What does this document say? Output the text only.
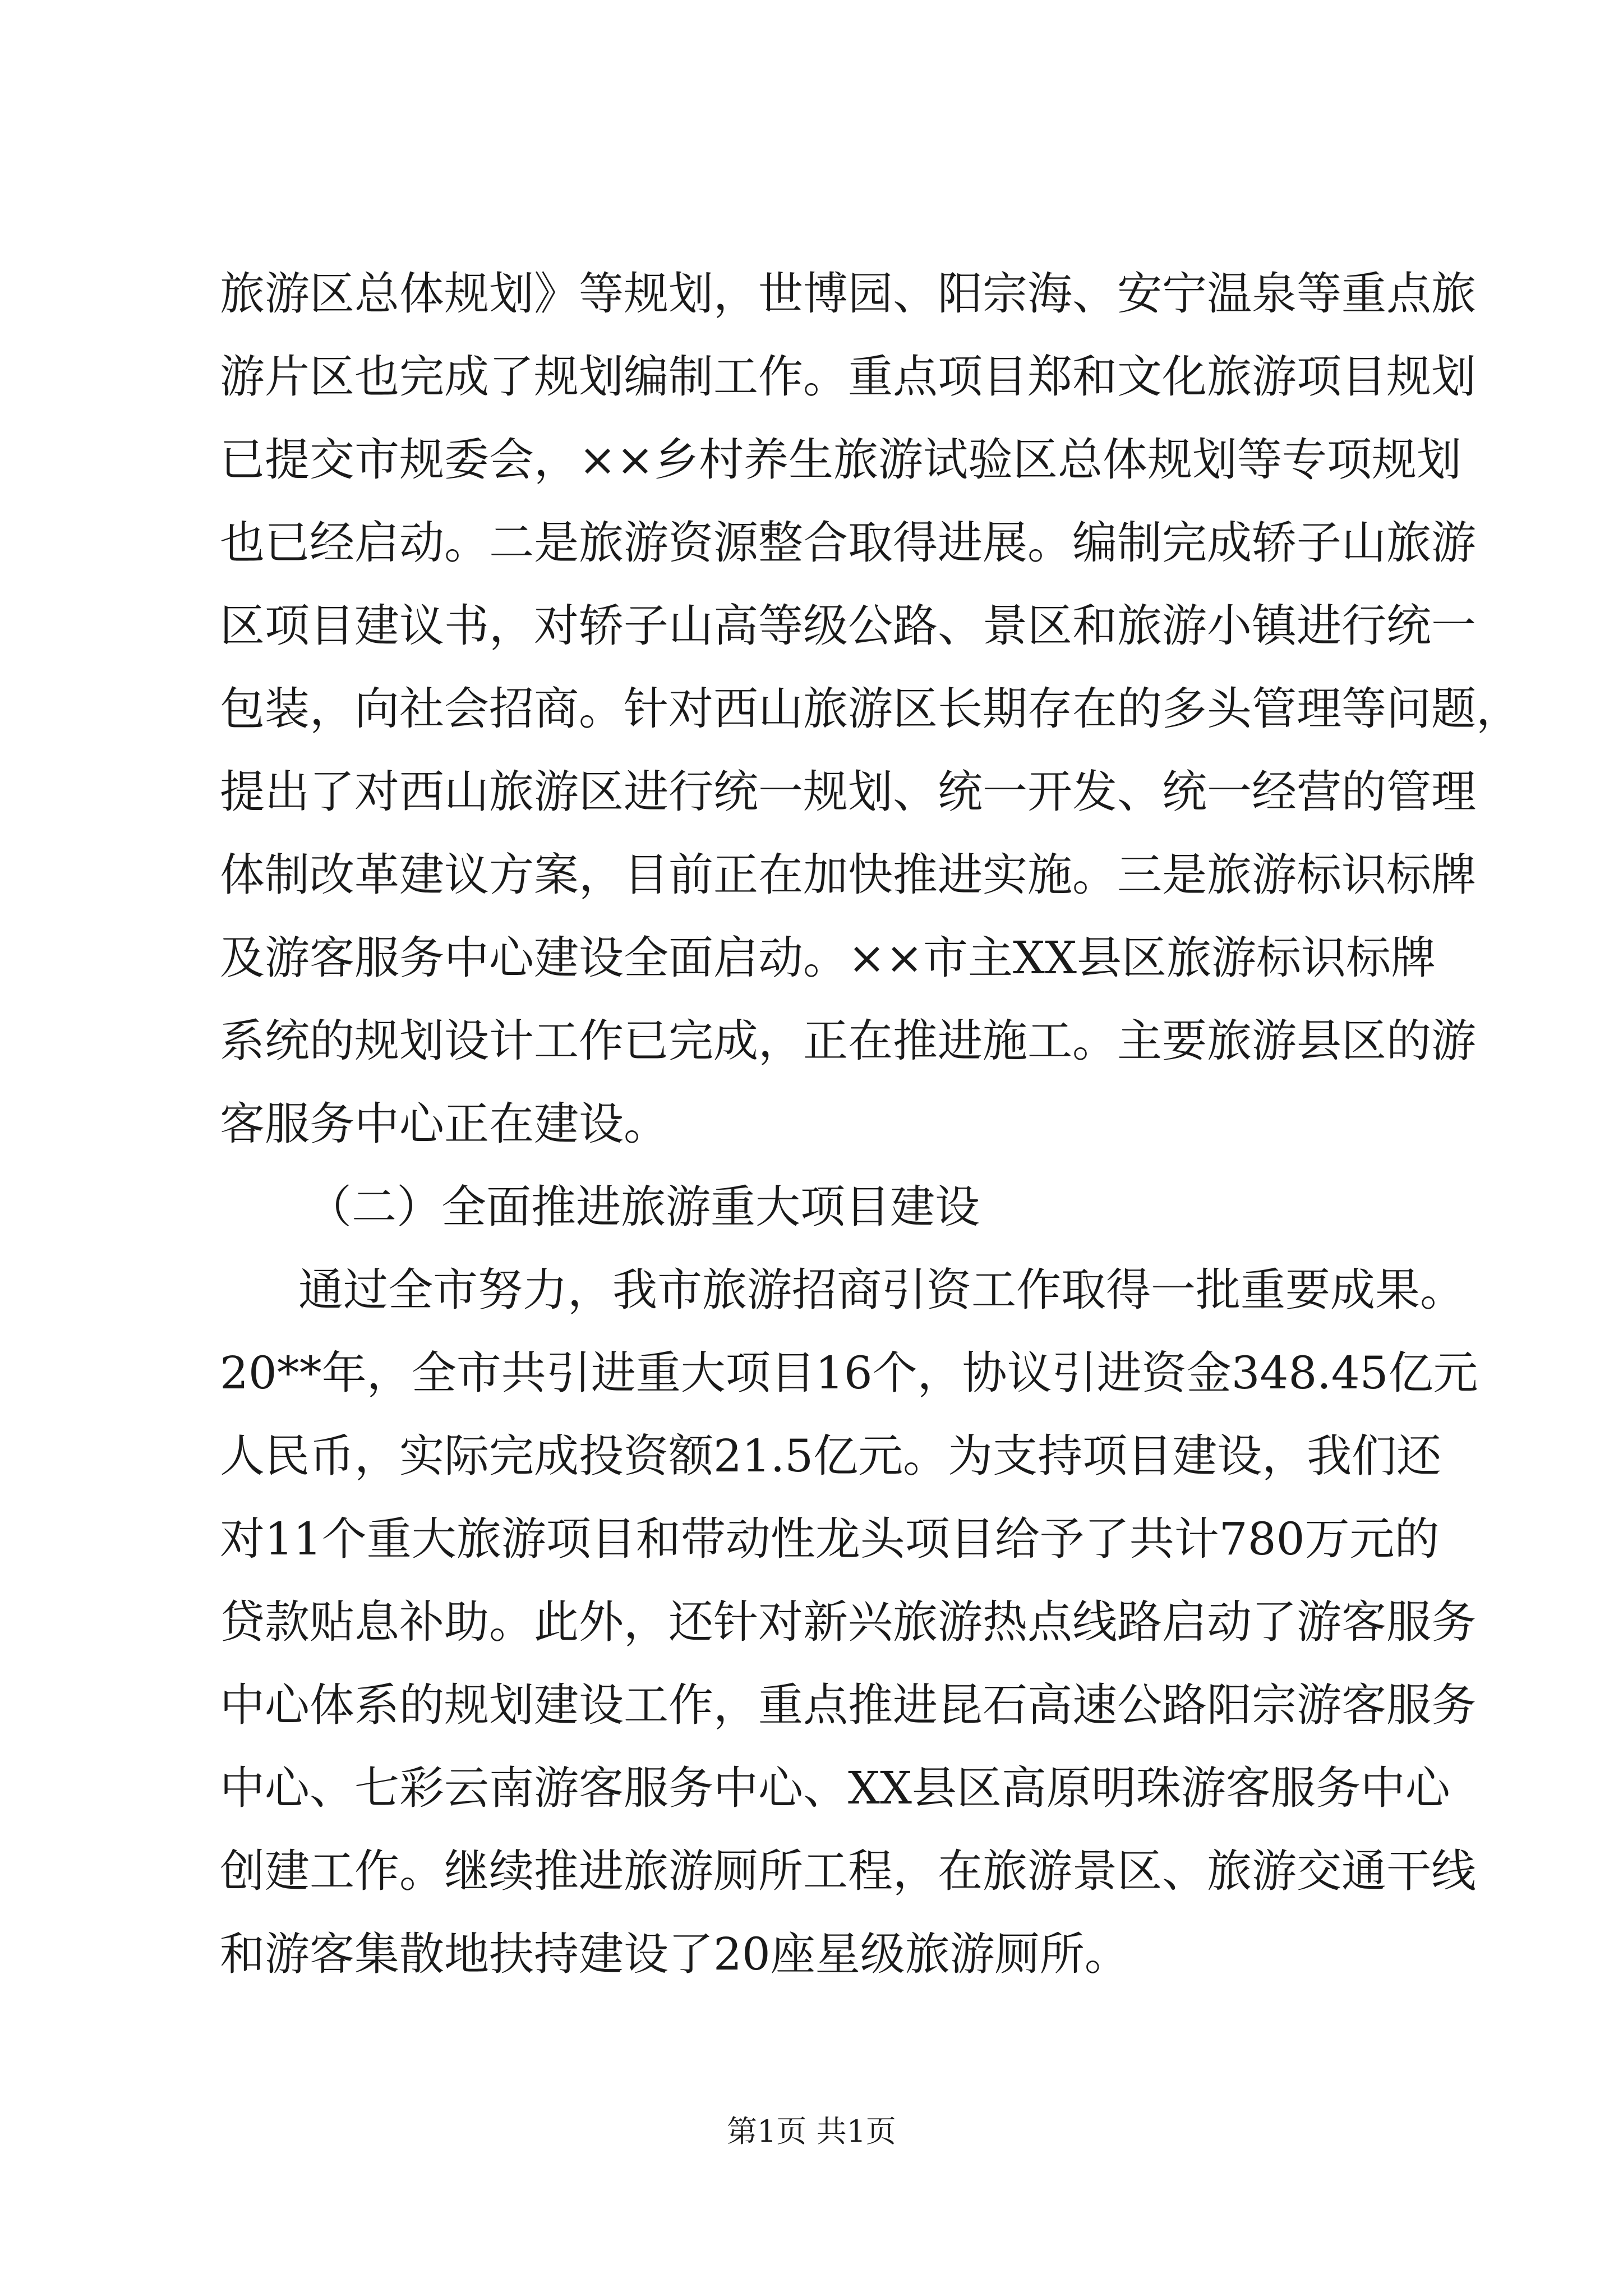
旅游区总体规划》等规划，世博园、阳宗海、安宁温泉等重点旅
游片区也完成了规划编制工作。重点项目郑和文化旅游项目规划
已提交市规委会，××乡村养生旅游试验区总体规划等专项规划
也已经启动。二是旅游资源整合取得进展。编制完成轿子山旅游
区项目建议书，对轿子山高等级公路、景区和旅游小镇进行统一
包装，向社会招商。针对西山旅游区长期存在的多头管理等问题，
提出了对西山旅游区进行统一规划、统一开发、统一经营的管理
体制改革建议方案，目前正在加快推进实施。三是旅游标识标牌
及游客服务中心建设全面启动。××市主XX县区旅游标识标牌
系统的规划设计工作已完成，正在推进施工。主要旅游县区的游
客服务中心正在建设。
（二）全面推进旅游重大项目建设
通过全市努力，我市旅游招商引资工作取得一批重要成果。
20**年，全市共引进重大项目16个，协议引进资金348.45亿元
人民币，实际完成投资额21.5亿元。为支持项目建设，我们还
对11个重大旅游项目和带动性龙头项目给予了共计780万元的
贷款贴息补助。此外，还针对新兴旅游热点线路启动了游客服务
中心体系的规划建设工作，重点推进昆石高速公路阳宗游客服务
中心、七彩云南游客服务中心、XX县区高原明珠游客服务中心
创建工作。继续推进旅游厕所工程，在旅游景区、旅游交通干线
和游客集散地扶持建设了20座星级旅游厕所。
第1页 共1页
